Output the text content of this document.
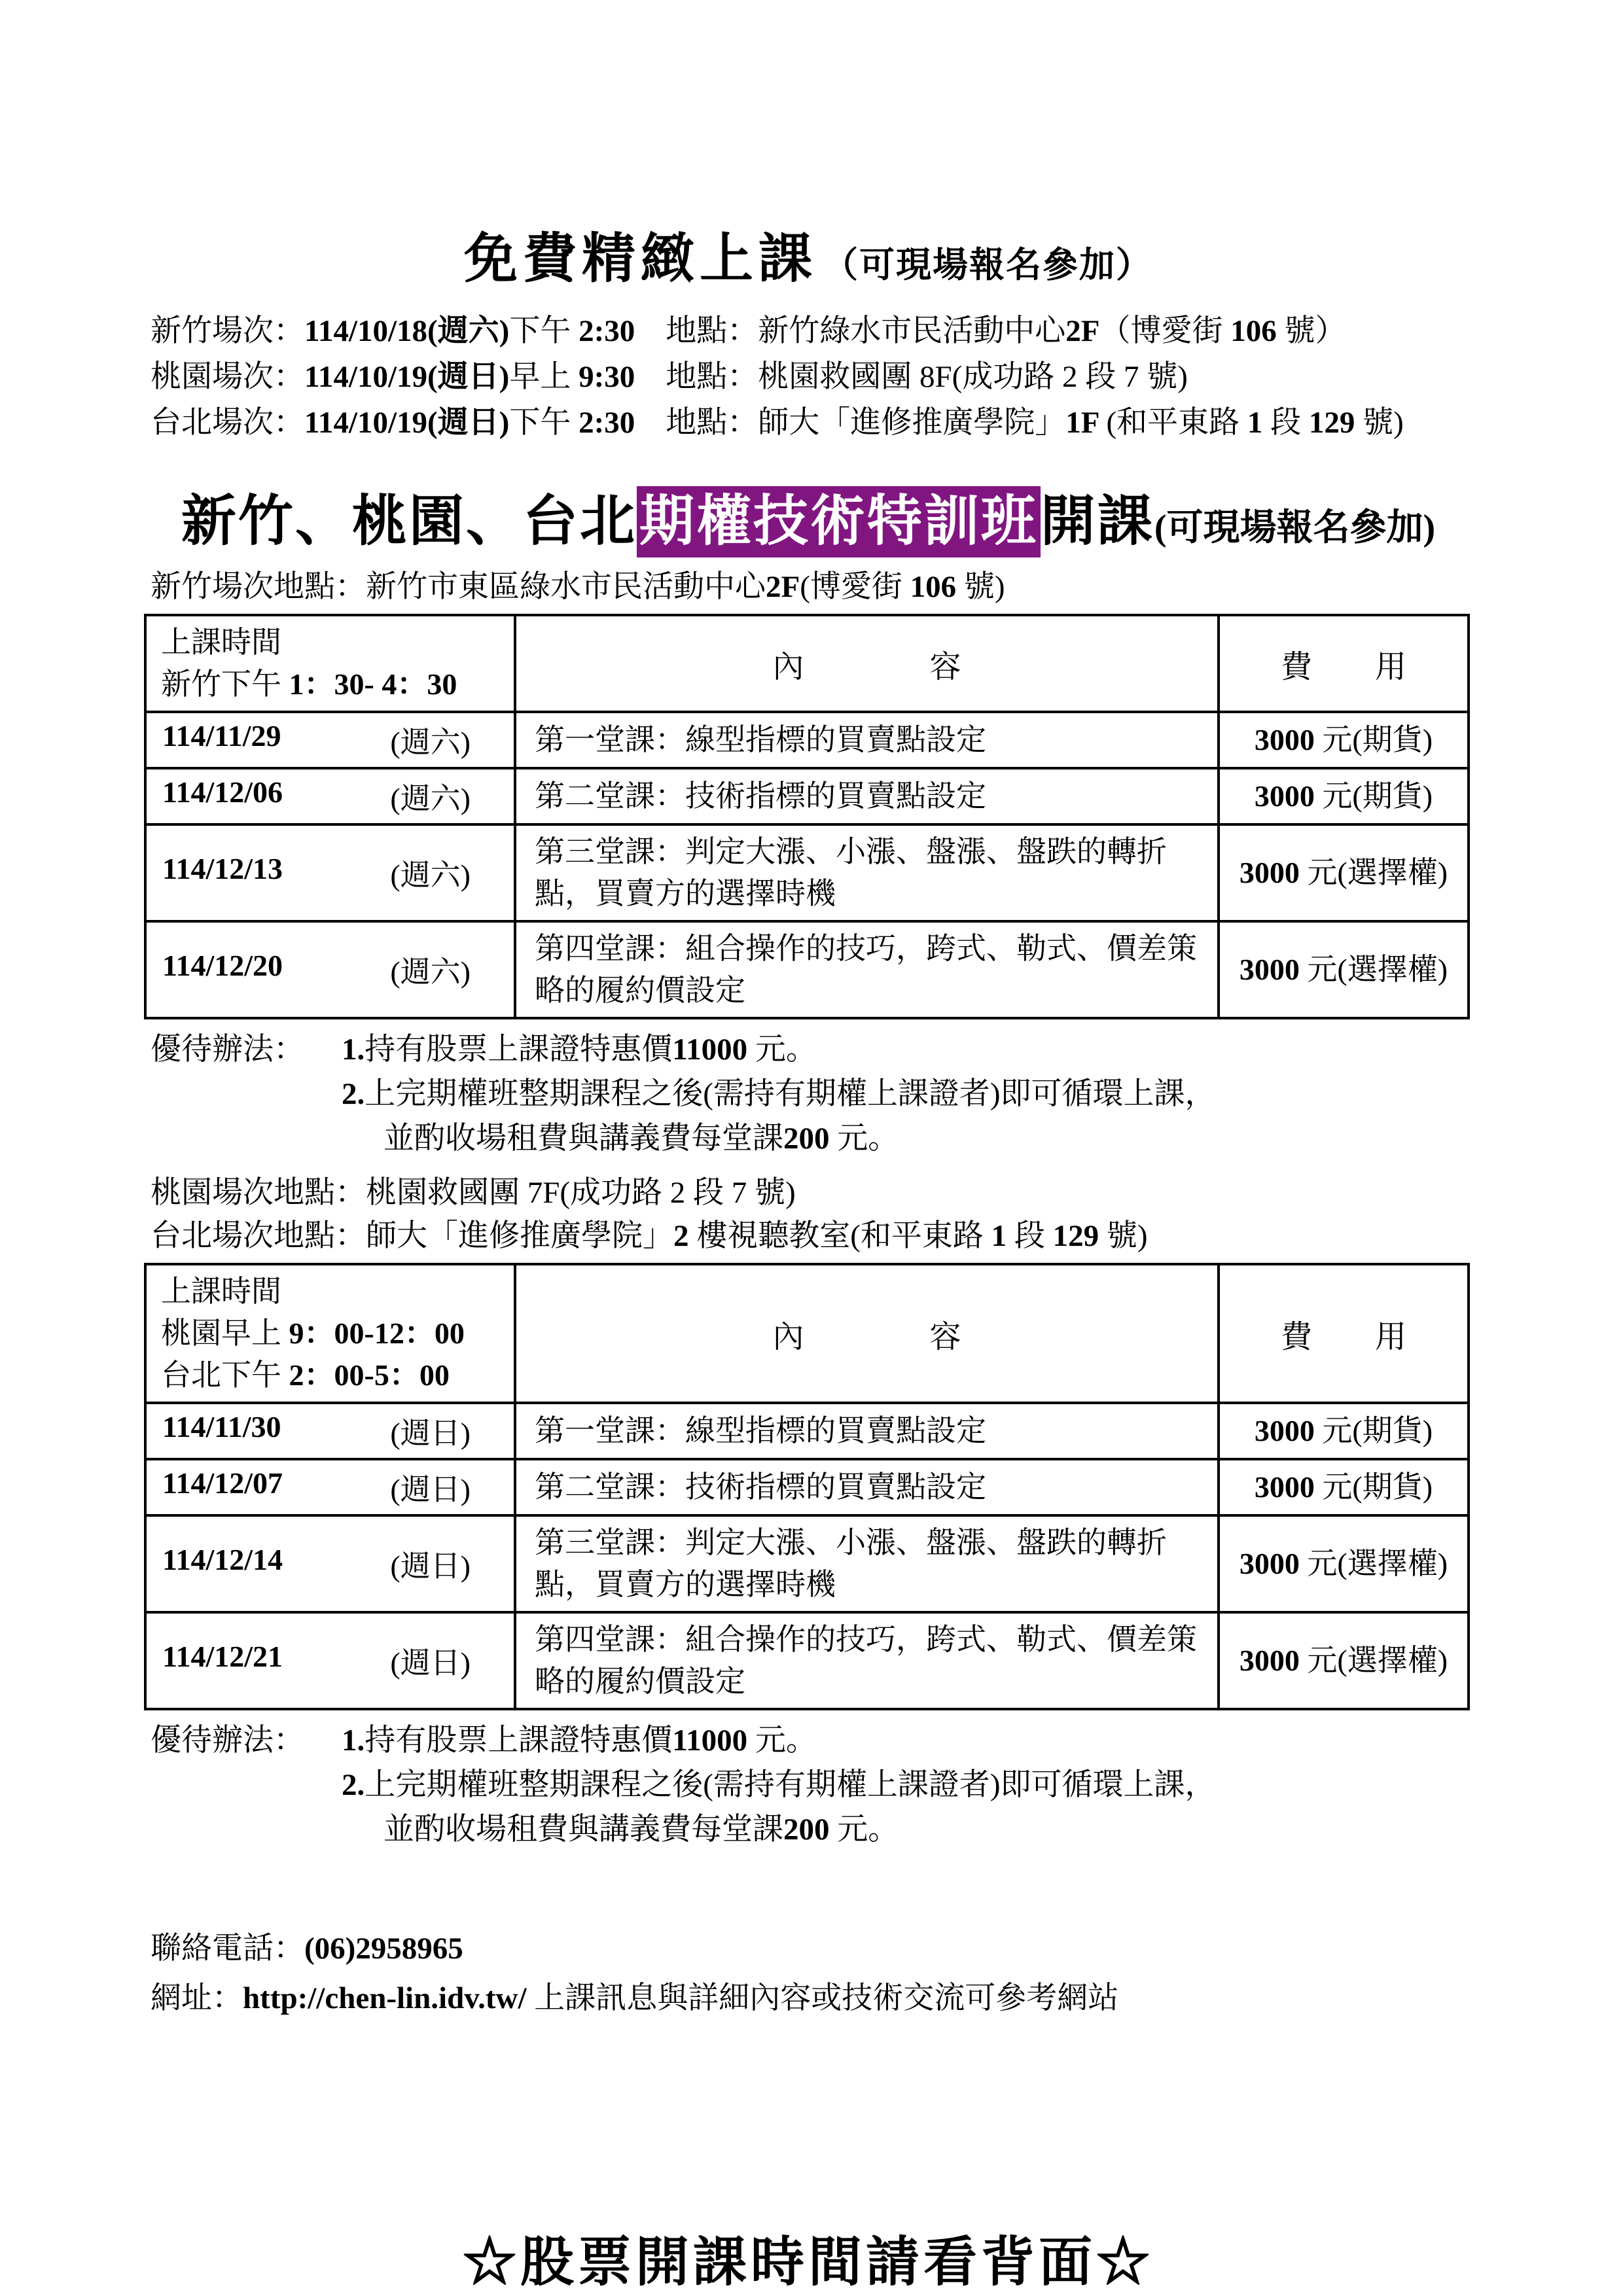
免費精緻上課 （可現場報名參加）
新竹場次：114/10/18(週六)下午 2:30　地點：新竹綠水市民活動中心2F（博愛街 106 號）
桃園場次：114/10/19(週日)早上 9:30　地點：桃園救國團 8F(成功路 2 段 7 號)
台北場次：114/10/19(週日)下午 2:30　地點：師大「進修推廣學院」1F (和平東路 1 段 129 號)
新竹、桃園、台北期權技術特訓班開課(可現場報名參加)
新竹場次地點：新竹市東區綠水市民活動中心2F(博愛街 106 號)
上課時間
新竹下午 1：30- 4：30	內　　　　容	費　　用

114/11/29 (週六)	第一堂課：線型指標的買賣點設定	3000 元(期貨)

114/12/06 (週六)	第二堂課：技術指標的買賣點設定	3000 元(期貨)

114/12/13 (週六)	第三堂課：判定大漲、小漲、盤漲、盤跌的轉折點，買賣方的選擇時機	3000 元(選擇權)

114/12/20 (週六)	第四堂課：組合操作的技巧，跨式、勒式、價差策略的履約價設定	3000 元(選擇權)
優待辦法：	1.持有股票上課證特惠價11000 元。
2.上完期權班整期課程之後(需持有期權上課證者)即可循環上課，
並酌收場租費與講義費每堂課200 元。
桃園場次地點：桃園救國團 7F(成功路 2 段 7 號)
台北場次地點：師大「進修推廣學院」2 樓視聽教室(和平東路 1 段 129 號)
上課時間
桃園早上 9：00-12：00
台北下午 2：00-5：00	內　　　　容	費　　用

114/11/30 (週日)	第一堂課：線型指標的買賣點設定	3000 元(期貨)

114/12/07 (週日)	第二堂課：技術指標的買賣點設定	3000 元(期貨)

114/12/14 (週日)	第三堂課：判定大漲、小漲、盤漲、盤跌的轉折點，買賣方的選擇時機	3000 元(選擇權)

114/12/21 (週日)	第四堂課：組合操作的技巧，跨式、勒式、價差策略的履約價設定	3000 元(選擇權)
優待辦法：	1.持有股票上課證特惠價11000 元。
2.上完期權班整期課程之後(需持有期權上課證者)即可循環上課，
並酌收場租費與講義費每堂課200 元。
聯絡電話：(06)2958965
網址：http://chen-lin.idv.tw/ 上課訊息與詳細內容或技術交流可參考網站
☆股票開課時間請看背面☆
